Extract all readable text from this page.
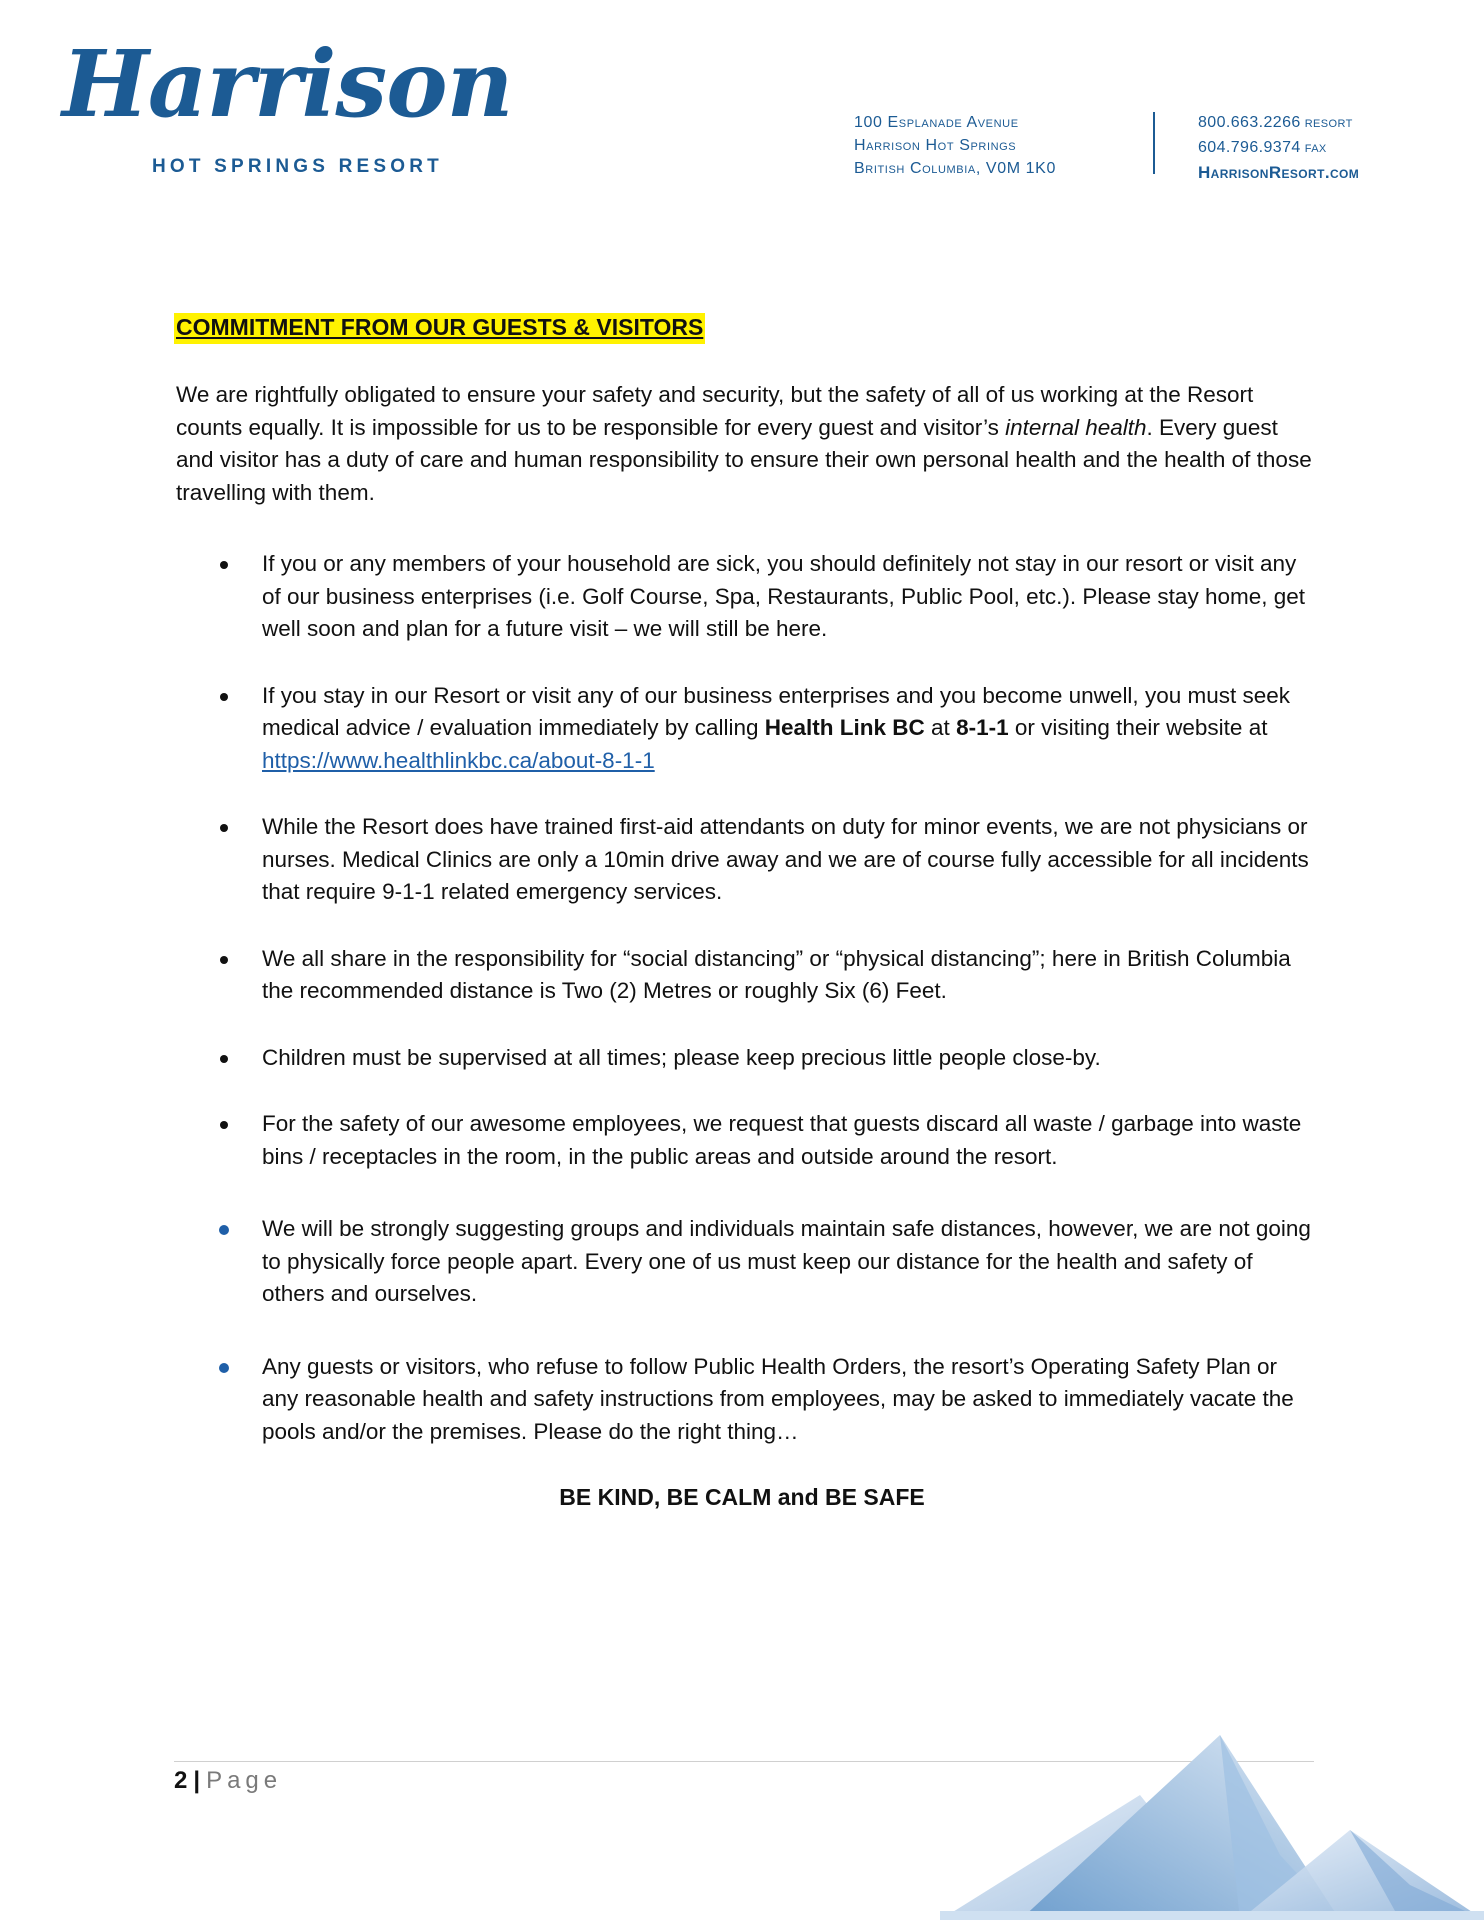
Harrison
HOT SPRINGS RESORT
100 Esplanade Avenue
Harrison Hot Springs
British Columbia, V0M 1K0
800.663.2266 RESORT
604.796.9374 FAX
HarrisonResort.com
COMMITMENT FROM OUR GUESTS & VISITORS

We are rightfully obligated to ensure your safety and security, but the safety of all of us working at the Resort counts equally. It is impossible for us to be responsible for every guest and visitor’s internal health. Every guest and visitor has a duty of care and human responsibility to ensure their own personal health and the health of those travelling with them.

If you or any members of your household are sick, you should definitely not stay in our resort or visit any of our business enterprises (i.e. Golf Course, Spa, Restaurants, Public Pool, etc.). Please stay home, get well soon and plan for a future visit – we will still be here.
If you stay in our Resort or visit any of our business enterprises and you become unwell, you must seek medical advice / evaluation immediately by calling Health Link BC at 8-1-1 or visiting their website at https://www.healthlinkbc.ca/about-8-1-1
While the Resort does have trained first-aid attendants on duty for minor events, we are not physicians or nurses. Medical Clinics are only a 10min drive away and we are of course fully accessible for all incidents that require 9-1-1 related emergency services.
We all share in the responsibility for “social distancing” or “physical distancing”; here in British Columbia the recommended distance is Two (2) Metres or roughly Six (6) Feet.
Children must be supervised at all times; please keep precious little people close-by.
For the safety of our awesome employees, we request that guests discard all waste / garbage into waste bins / receptacles in the room, in the public areas and outside around the resort.
We will be strongly suggesting groups and individuals maintain safe distances, however, we are not going to physically force people apart. Every one of us must keep our distance for the health and safety of others and ourselves.
Any guests or visitors, who refuse to follow Public Health Orders, the resort’s Operating Safety Plan or any reasonable health and safety instructions from employees, may be asked to immediately vacate the pools and/or the premises. Please do the right thing…
BE KIND, BE CALM and BE SAFE
2 | Page
